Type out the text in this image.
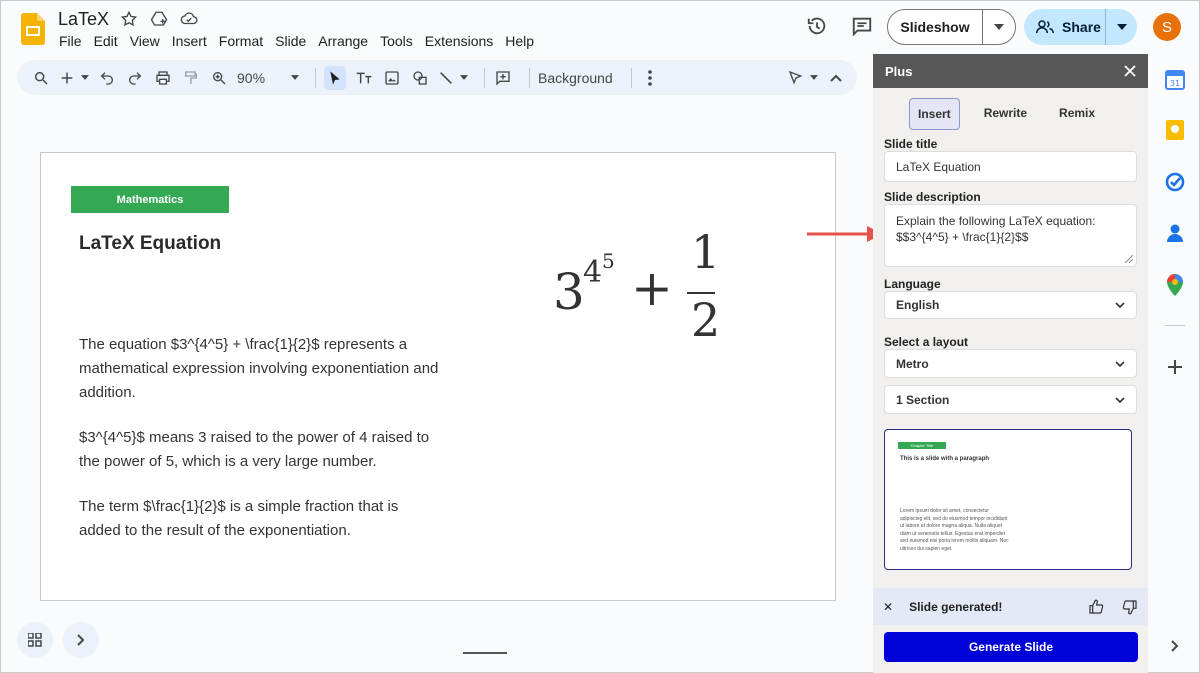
LaTeX
File Edit View Insert Format Slide Arrange Tools Extensions Help
Slideshow	Share	S
90%	Background
Mathematics
LaTeX Equation

The equation $3^{4^5} + \frac{1}{2}$ represents a mathematical expression involving exponentiation and addition.

$3^{4^5}$ means 3 raised to the power of 4 raised to the power of 5, which is a very large number.

The term $\frac{1}{2}$ is a simple fraction that is added to the result of the exponentiation.

3
4 5 +
1
2
Plus
Insert	Rewrite	Remix
Slide title
LaTeX Equation
Slide description
Explain the following LaTeX equation:
$$3^{4^5} + \frac{1}{2}$$
Language
English
Select a layout
Metro
1 Section
Chapter Title
This is a slide with a paragraph
Lorem ipsum dolor sit amet, consectetur adipiscing elit, sed do eiusmod tempor incididunt ut labore et dolore magna aliqua. Nulla aliquet diam ut venenatis tellus. Egestas erat imperdiet sed euismod nisi porta lorem mollis aliquam. Nec ultrices dui sapien eget.
✕ Slide generated!
Generate Slide
31
